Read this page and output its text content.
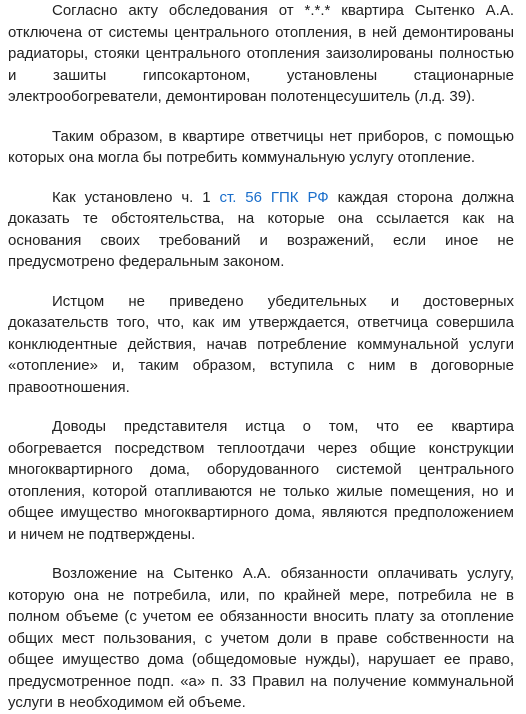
Согласно акту обследования от *.*.* квартира Сытенко А.А. отключена от системы центрального отопления, в ней демонтированы радиаторы, стояки центрального отопления заизолированы полностью и зашиты гипсокартоном, установлены стационарные электрообогреватели, демонтирован полотенцесушитель (л.д. 39).

Таким образом, в квартире ответчицы нет приборов, с помощью которых она могла бы потребить коммунальную услугу отопление.

Как установлено ч. 1 ст. 56 ГПК РФ каждая сторона должна доказать те обстоятельства, на которые она ссылается как на основания своих требований и возражений, если иное не предусмотрено федеральным законом.

Истцом не приведено убедительных и достоверных доказательств того, что, как им утверждается, ответчица совершила конклюдентные действия, начав потребление коммунальной услуги «отопление» и, таким образом, вступила с ним в договорные правоотношения.

Доводы представителя истца о том, что ее квартира обогревается посредством теплоотдачи через общие конструкции многоквартирного дома, оборудованного системой центрального отопления, которой отапливаются не только жилые помещения, но и общее имущество многоквартирного дома, являются предположением и ничем не подтверждены.

Возложение на Сытенко А.А. обязанности оплачивать услугу, которую она не потребила, или, по крайней мере, потребила не в полном объеме (с учетом ее обязанности вносить плату за отопление общих мест пользования, с учетом доли в праве собственности на общее имущество дома (общедомовые нужды), нарушает ее право, предусмотренное подп. «а» п. 33 Правил на получение коммунальной услуги в необходимом ей объеме.
